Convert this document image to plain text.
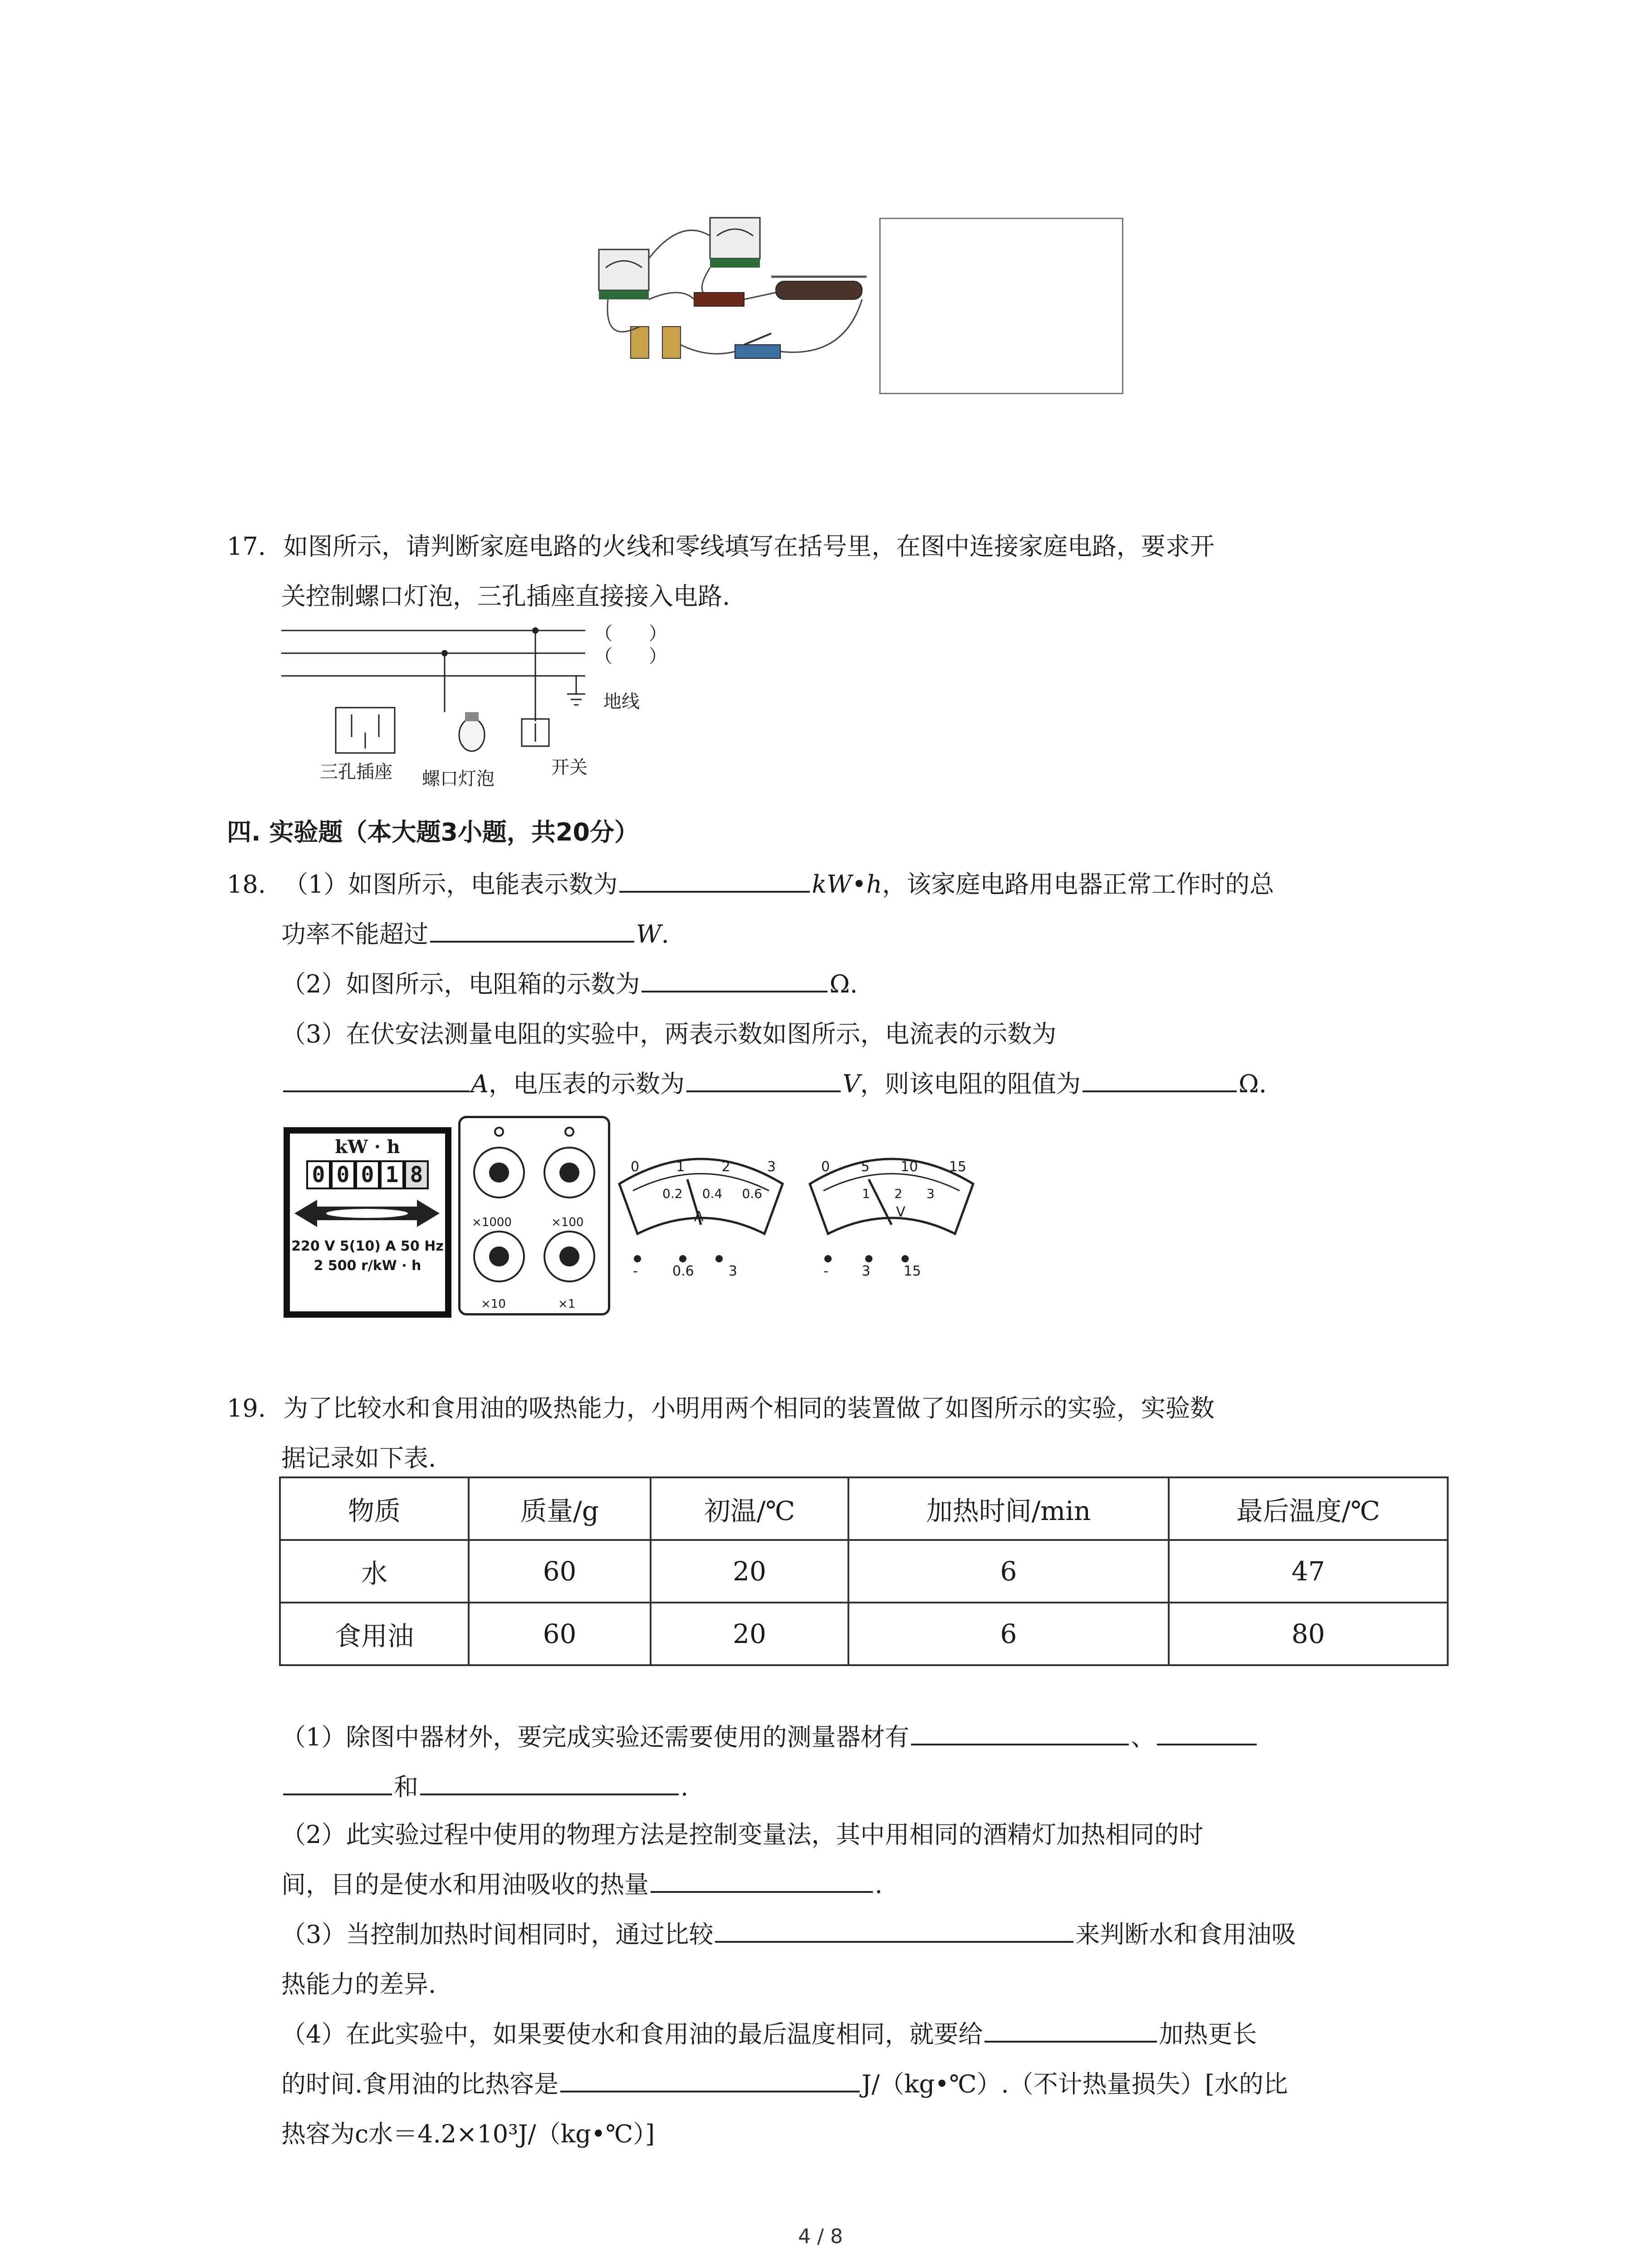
17. 如图所示，请判断家庭电路的火线和零线填写在括号里，在图中连接家庭电路，要求开
关控制螺口灯泡，三孔插座直接接入电路.
（　　）
（　　）
地线
三孔插座 螺口灯泡
开关
四. 实验题（本大题3小题，共20分）
18. （1）如图所示，电能表示数为	kW•h，该家庭电路用电器正常工作时的总
功率不能超过	W.
（2）如图所示，电阻箱的示数为	Ω.
（3）在伏安法测量电阻的实验中，两表示数如图所示，电流表的示数为
A，电压表的示数为	V，则该电阻的阻值为	Ω.
kW · h
0 0 0 1 8
220 V 5(10) A 50 Hz
2 500 r/kW · h
×1000	×100
×10	×1
0	1	2	3
0.2 0.4 0.6
A
-	0.6	3
0 5 10 15
1 2 3
V
- 3 15
19. 为了比较水和食用油的吸热能力，小明用两个相同的装置做了如图所示的实验，实验数
据记录如下表.
物质	质量/g	初温/℃	加热时间/min	最后温度/℃
水	60	20	6	47
食用油	60	20	6	80
（1）除图中器材外，要完成实验还需要使用的测量器材有	、
和	.
（2）此实验过程中使用的物理方法是控制变量法，其中用相同的酒精灯加热相同的时
间，目的是使水和用油吸收的热量	.
（3）当控制加热时间相同时，通过比较	来判断水和食用油吸
热能力的差异.
（4）在此实验中，如果要使水和食用油的最后温度相同，就要给	加热更长
的时间.食用油的比热容是	J/（kg•℃）.（不计热量损失）[水的比
热容为c水＝4.2×10³J/（kg•℃）]
4 / 8
